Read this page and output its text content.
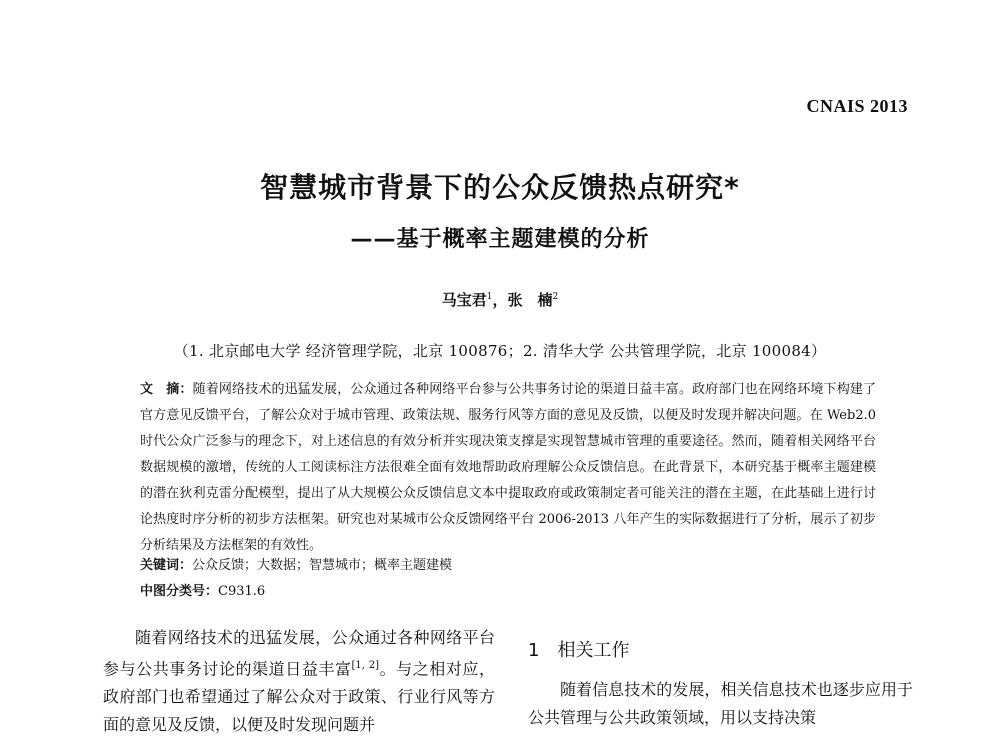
CNAIS 2013
智慧城市背景下的公众反馈热点研究*
——基于概率主题建模的分析
马宝君$^1$，张　楠$^2$
（1. 北京邮电大学 经济管理学院，北京 100876；2. 清华大学 公共管理学院，北京 100084）
文　摘：随着网络技术的迅猛发展，公众通过各种网络平台参与公共事务讨论的渠道日益丰富。政府部门也在网络环境下构建了官方意见反馈平台，了解公众对于城市管理、政策法规、服务行风等方面的意见及反馈，以便及时发现并解决问题。在 Web2.0 时代公众广泛参与的理念下，对上述信息的有效分析并实现决策支撑是实现智慧城市管理的重要途径。然而，随着相关网络平台数据规模的激增，传统的人工阅读标注方法很难全面有效地帮助政府理解公众反馈信息。在此背景下，本研究基于概率主题建模的潜在狄利克雷分配模型，提出了从大规模公众反馈信息文本中提取政府或政策制定者可能关注的潜在主题，在此基础上进行讨论热度时序分析的初步方法框架。研究也对某城市公众反馈网络平台 2006-2013 八年产生的实际数据进行了分析，展示了初步分析结果及方法框架的有效性。
关键词：公众反馈；大数据；智慧城市；概率主题建模
中图分类号：C931.6
随着网络技术的迅猛发展，公众通过各种网络平台参与公共事务讨论的渠道日益丰富[1, 2]。与之相对应，政府部门也希望通过了解公众对于政策、行业行风等方面的意见及反馈，以便及时发现问题并
1 相关工作
随着信息技术的发展，相关信息技术也逐步应用于公共管理与公共政策领域，用以支持决策
